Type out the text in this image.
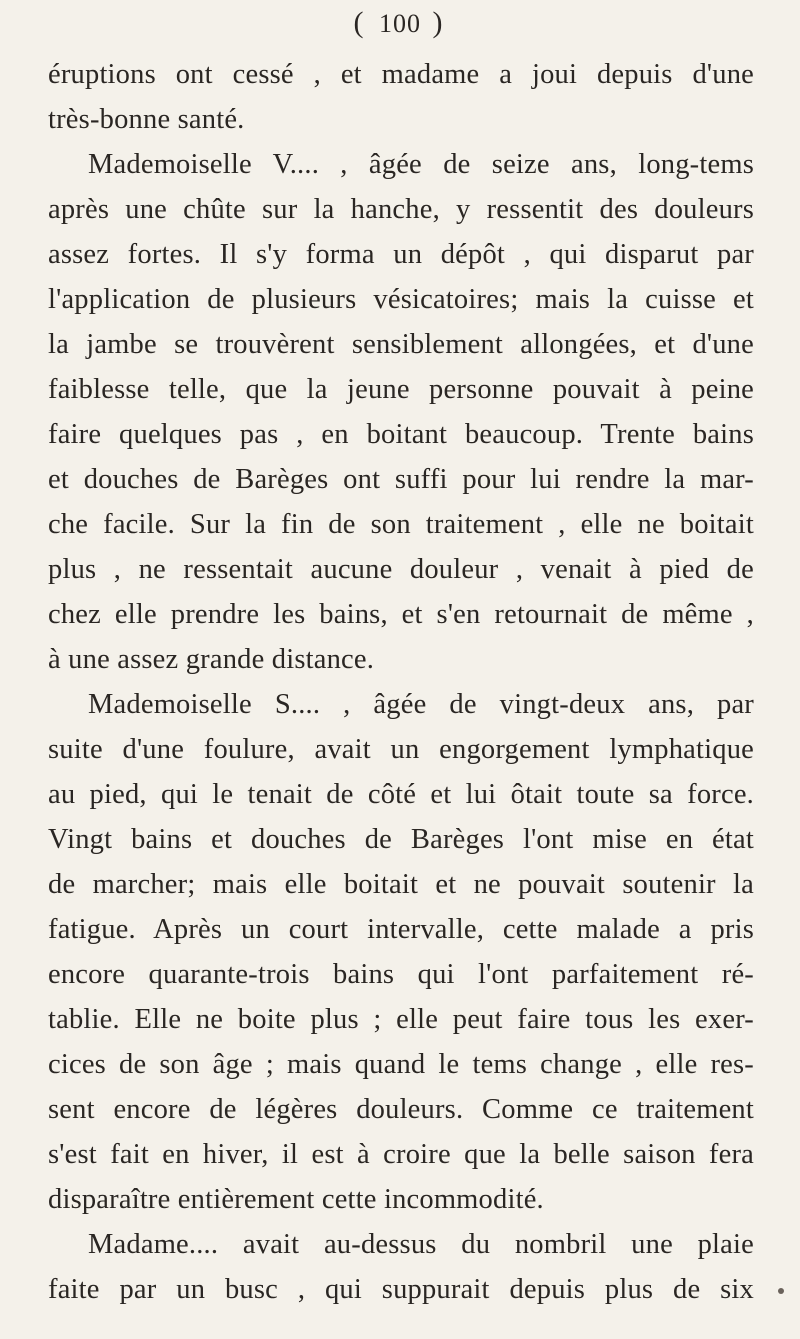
( 100 )
éruptions ont cessé , et madame a joui depuis d'une
très-bonne santé.
Mademoiselle V.... , âgée de seize ans, long-tems
après une chûte sur la hanche, y ressentit des douleurs
assez fortes. Il s'y forma un dépôt , qui disparut par
l'application de plusieurs vésicatoires; mais la cuisse et
la jambe se trouvèrent sensiblement allongées, et d'une
faiblesse telle, que la jeune personne pouvait à peine
faire quelques pas , en boitant beaucoup. Trente bains
et douches de Barèges ont suffi pour lui rendre la mar-
che facile. Sur la fin de son traitement , elle ne boitait
plus , ne ressentait aucune douleur , venait à pied de
chez elle prendre les bains, et s'en retournait de même ,
à une assez grande distance.
Mademoiselle S.... , âgée de vingt-deux ans, par
suite d'une foulure, avait un engorgement lymphatique
au pied, qui le tenait de côté et lui ôtait toute sa force.
Vingt bains et douches de Barèges l'ont mise en état
de marcher; mais elle boitait et ne pouvait soutenir la
fatigue. Après un court intervalle, cette malade a pris
encore quarante-trois bains qui l'ont parfaitement ré-
tablie. Elle ne boite plus ; elle peut faire tous les exer-
cices de son âge ; mais quand le tems change , elle res-
sent encore de légères douleurs. Comme ce traitement
s'est fait en hiver, il est à croire que la belle saison fera
disparaître entièrement cette incommodité.
Madame.... avait au-dessus du nombril une plaie
faite par un busc , qui suppurait depuis plus de six
